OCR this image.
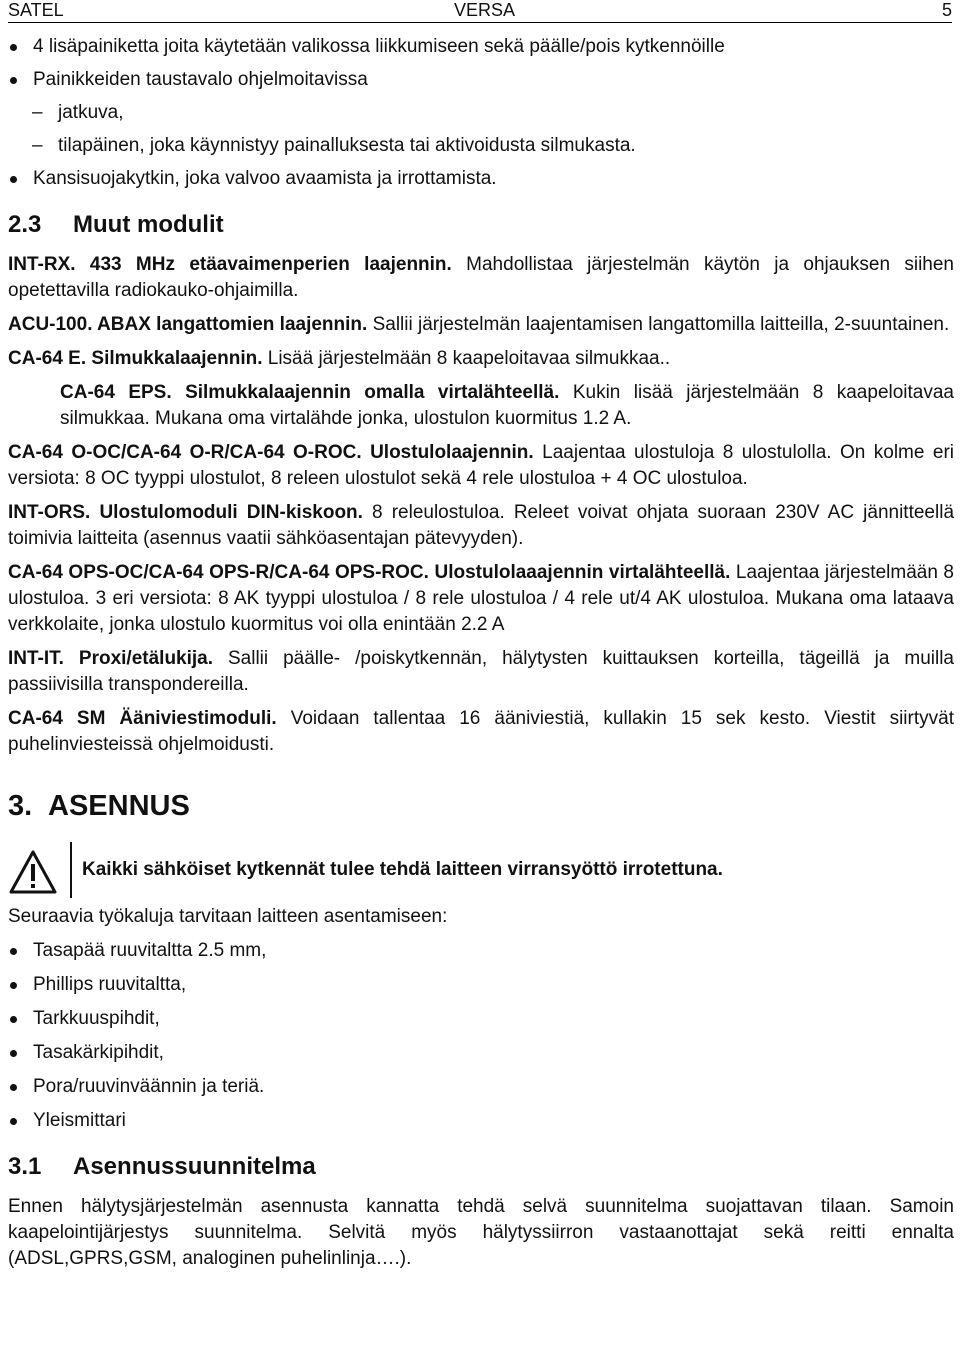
SATEL	VERSA	5
4 lisäpainiketta joita käytetään valikossa liikkumiseen sekä päälle/pois kytkennöille
Painikkeiden taustavalo ohjelmoitavissa
– jatkuva,
– tilapäinen, joka käynnistyy painalluksesta tai aktivoidusta silmukasta.
Kansisuojakytkin, joka valvoo avaamista ja irrottamista.
2.3 Muut modulit

INT-RX. 433 MHz etäavaimenperien laajennin. Mahdollistaa järjestelmän käytön ja ohjauksen siihen opetettavilla radiokauko-ohjaimilla.

ACU-100. ABAX langattomien laajennin. Sallii järjestelmän laajentamisen langattomilla laitteilla, 2-suuntainen.

CA-64 E. Silmukkalaajennin. Lisää järjestelmään 8 kaapeloitavaa silmukkaa..

CA-64 EPS. Silmukkalaajennin omalla virtalähteellä. Kukin lisää järjestelmään 8 kaapeloitavaa silmukkaa. Mukana oma virtalähde jonka, ulostulon kuormitus 1.2 A.

CA-64 O-OC/CA-64 O-R/CA-64 O-ROC. Ulostulolaajennin. Laajentaa ulostuloja 8 ulostulolla. On kolme eri versiota: 8 OC tyyppi ulostulot, 8 releen ulostulot sekä 4 rele ulostuloa + 4 OC ulostuloa.

INT-ORS. Ulostulomoduli DIN-kiskoon. 8 releulostuloa. Releet voivat ohjata suoraan 230V AC jännitteellä toimivia laitteita (asennus vaatii sähköasentajan pätevyyden).

CA-64 OPS-OC/CA-64 OPS-R/CA-64 OPS-ROC. Ulostulolaaajennin virtalähteellä. Laajentaa järjestelmään 8 ulostuloa. 3 eri versiota: 8 AK tyyppi ulostuloa / 8 rele ulostuloa / 4 rele ut/4 AK ulostuloa. Mukana oma lataava verkkolaite, jonka ulostulo kuormitus voi olla enintään 2.2 A

INT-IT. Proxi/etälukija. Sallii päälle- /poiskytkennän, hälytysten kuittauksen korteilla, tägeillä ja muilla passiivisilla transpondereilla.

CA-64 SM Ääniviestimoduli. Voidaan tallentaa 16 ääniviestiä, kullakin 15 sek kesto. Viestit siirtyvät puhelinviesteissä ohjelmoidusti.

3. ASENNUS
Kaikki sähköiset kytkennät tulee tehdä laitteen virransyöttö irrotettuna.

Seuraavia työkaluja tarvitaan laitteen asentamiseen:

Tasapää ruuvitaltta 2.5 mm,
Phillips ruuvitaltta,
Tarkkuuspihdit,
Tasakärkipihdit,
Pora/ruuvinväännin ja teriä.
Yleismittari
3.1 Asennussuunnitelma

Ennen hälytysjärjestelmän asennusta kannatta tehdä selvä suunnitelma suojattavan tilaan. Samoin kaapelointijärjestys suunnitelma. Selvitä myös hälytyssiirron vastaanottajat sekä reitti ennalta (ADSL,GPRS,GSM, analoginen puhelinlinja….).
